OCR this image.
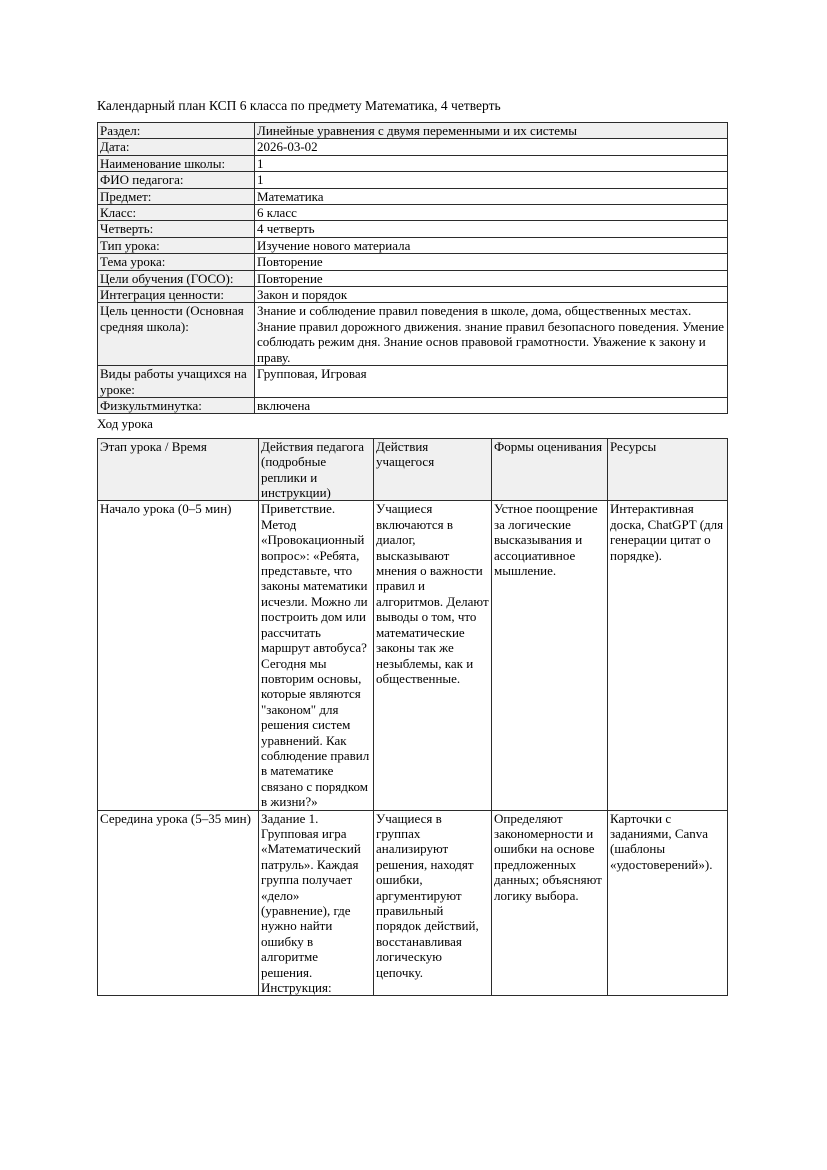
Календарный план КСП 6 класса по предмету Математика, 4 четверть

Раздел:	Линейные уравнения с двумя переменными и их системы
Дата:	2026-03-02
Наименование школы:	1
ФИО педагога:	1
Предмет:	Математика
Класс:	6 класс
Четверть:	4 четверть
Тип урока:	Изучение нового материала
Тема урока:	Повторение
Цели обучения (ГОСО):	Повторение
Интеграция ценности:	Закон и порядок
Цель ценности (Основная средняя школа):	Знание и соблюдение правил поведения в школе, дома, общественных местах. Знание правил дорожного движения. знание правил безопасного поведения. Умение соблюдать режим дня. Знание основ правовой грамотности. Уважение к закону и праву.
Виды работы учащихся на уроке:	Групповая, Игровая
Физкультминутка:	включена
Ход урока
Этап урока / Время	Действия педагога (подробные реплики и инструкции)	Действия учащегося	Формы оценивания	Ресурсы
Начало урока (0–5 мин)	Приветствие. Метод «Провокационный вопрос»: «Ребята, представьте, что законы математики исчезли. Можно ли построить дом или рассчитать маршрут автобуса? Сегодня мы повторим основы, которые являются "законом" для решения систем уравнений. Как соблюдение правил в математике связано с порядком в жизни?»	Учащиеся включаются в диалог, высказывают мнения о важности правил и алгоритмов. Делают выводы о том, что математические законы так же незыблемы, как и общественные.	Устное поощрение за логические высказывания и ассоциативное мышление.	Интерактивная доска, ChatGPT (для генерации цитат о порядке).
Середина урока (5–35 мин)	Задание 1. Групповая игра «Математический патруль». Каждая группа получает «дело» (уравнение), где нужно найти ошибку в алгоритме решения. Инструкция:	Учащиеся в группах анализируют решения, находят ошибки, аргументируют правильный порядок действий, восстанавливая логическую цепочку.	Определяют закономерности и ошибки на основе предложенных данных; объясняют логику выбора.	Карточки с заданиями, Canva (шаблоны «удостоверений»).
